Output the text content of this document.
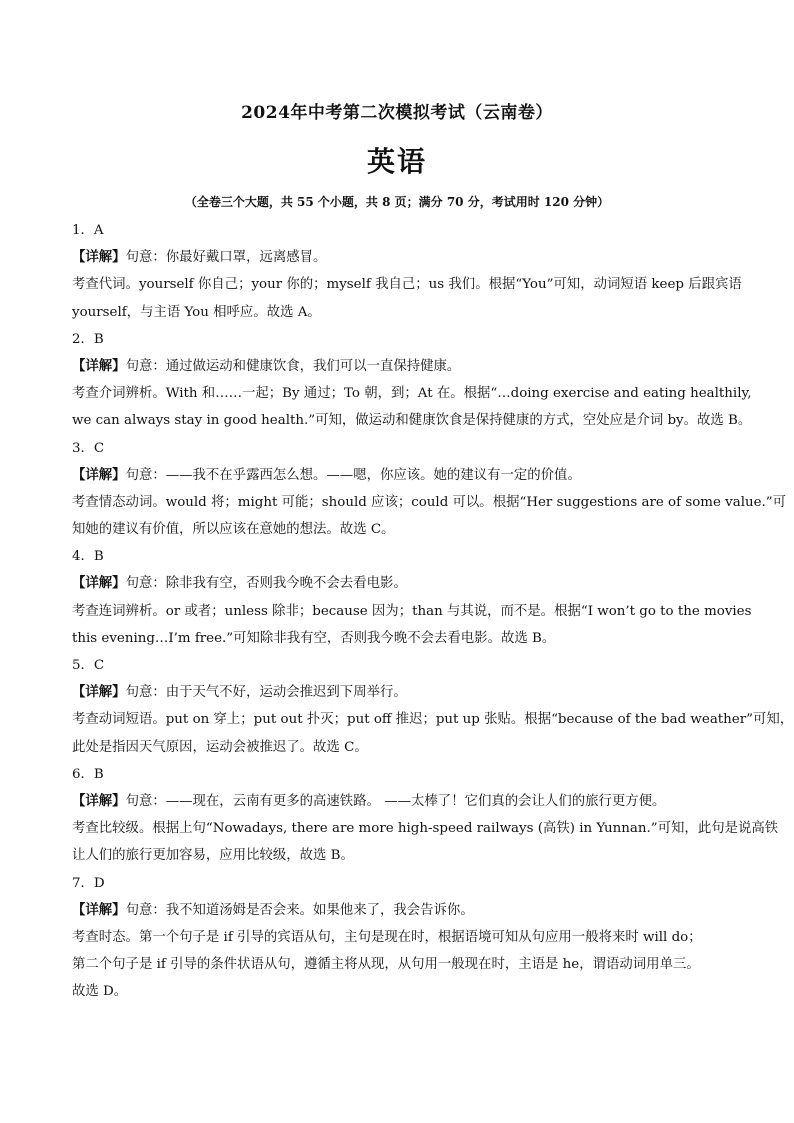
2024年中考第二次模拟考试（云南卷）
英语
（全卷三个大题，共 55 个小题，共 8 页；满分 70 分，考试用时 120 分钟）
1．A
【详解】句意：你最好戴口罩，远离感冒。
考查代词。yourself 你自己；your 你的；myself 我自己；us 我们。根据“You”可知，动词短语 keep 后跟宾语
yourself，与主语 You 相呼应。故选 A。
2．B
【详解】句意：通过做运动和健康饮食，我们可以一直保持健康。
考查介词辨析。With 和……一起；By 通过；To 朝，到；At 在。根据“…doing exercise and eating healthily,
we can always stay in good health.”可知，做运动和健康饮食是保持健康的方式，空处应是介词 by。故选 B。
3．C
【详解】句意：——我不在乎露西怎么想。——嗯，你应该。她的建议有一定的价值。
考查情态动词。would 将；might 可能；should 应该；could 可以。根据“Her suggestions are of some value.”可
知她的建议有价值，所以应该在意她的想法。故选 C。
4．B
【详解】句意：除非我有空，否则我今晚不会去看电影。
考查连词辨析。or 或者；unless 除非；because 因为；than 与其说，而不是。根据“I won’t go to the movies
this evening…I’m free.”可知除非我有空，否则我今晚不会去看电影。故选 B。
5．C
【详解】句意：由于天气不好，运动会推迟到下周举行。
考查动词短语。put on 穿上；put out 扑灭；put off 推迟；put up 张贴。根据“because of the bad weather”可知，
此处是指因天气原因，运动会被推迟了。故选 C。
6．B
【详解】句意：——现在，云南有更多的高速铁路。 ——太棒了！它们真的会让人们的旅行更方便。
考查比较级。根据上句“Nowadays, there are more high-speed railways (高铁) in Yunnan.”可知，此句是说高铁
让人们的旅行更加容易，应用比较级，故选 B。
7．D
【详解】句意：我不知道汤姆是否会来。如果他来了，我会告诉你。
考查时态。第一个句子是 if 引导的宾语从句，主句是现在时，根据语境可知从句应用一般将来时 will do；
第二个句子是 if 引导的条件状语从句，遵循主将从现，从句用一般现在时，主语是 he，谓语动词用单三。
故选 D。
